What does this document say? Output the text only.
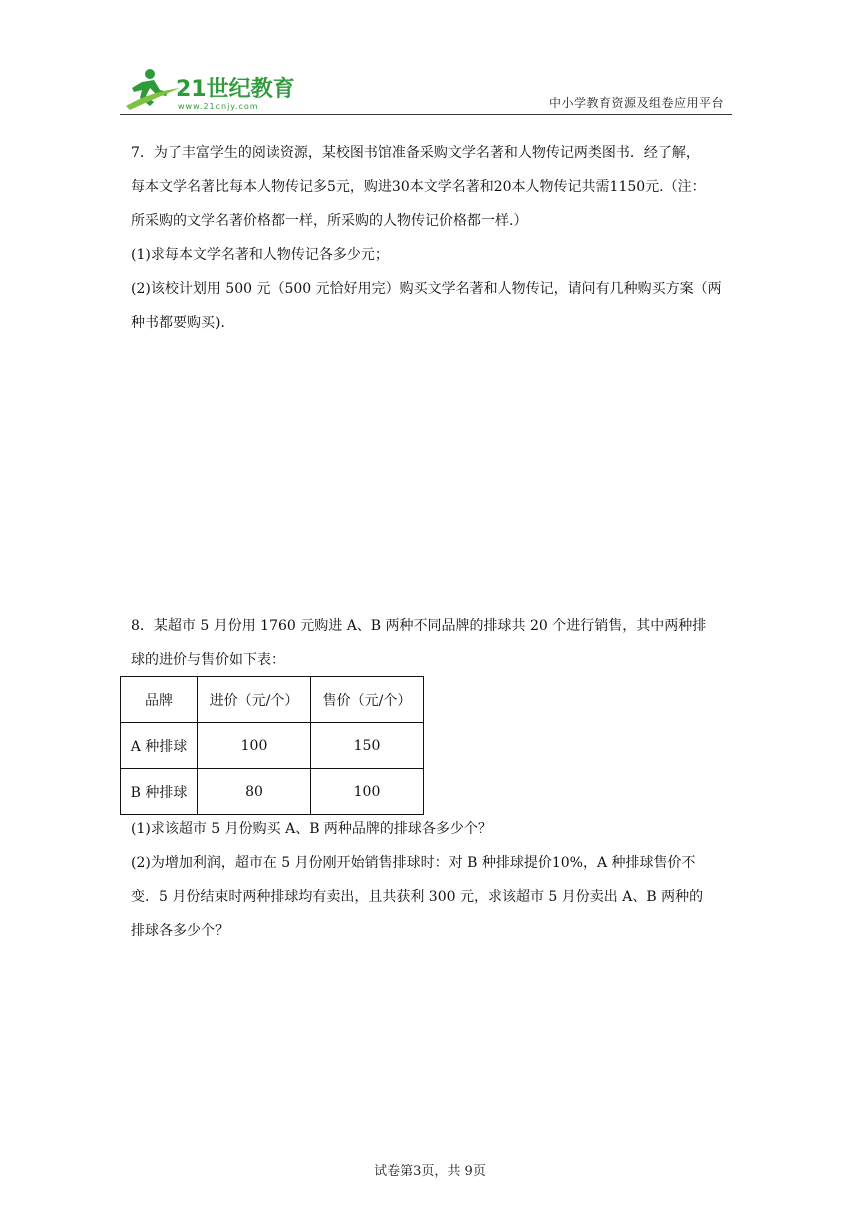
21世纪教育
www.21cnjy.com	中小学教育资源及组卷应用平台

7．为了丰富学生的阅读资源，某校图书馆准备采购文学名著和人物传记两类图书．经了解，

每本文学名著比每本人物传记多5元，购进30本文学名著和20本人物传记共需1150元.（注：

所采购的文学名著价格都一样，所采购的人物传记价格都一样.）

(1)求每本文学名著和人物传记各多少元；

(2)该校计划用 500 元（500 元恰好用完）购买文学名著和人物传记，请问有几种购买方案（两

种书都要购买)．

8．某超市 5 月份用 1760 元购进 A、B 两种不同品牌的排球共 20 个进行销售，其中两种排

球的进价与售价如下表：

品牌	进价（元/个）	售价（元/个）
A 种排球	100	150
B 种排球	80	100

(1)求该超市 5 月份购买 A、B 两种品牌的排球各多少个？

(2)为增加利润，超市在 5 月份刚开始销售排球时：对 B 种排球提价10%，A 种排球售价不

变．5 月份结束时两种排球均有卖出，且共获利 300 元，求该超市 5 月份卖出 A、B 两种的

排球各多少个？

试卷第3页，共 9页
